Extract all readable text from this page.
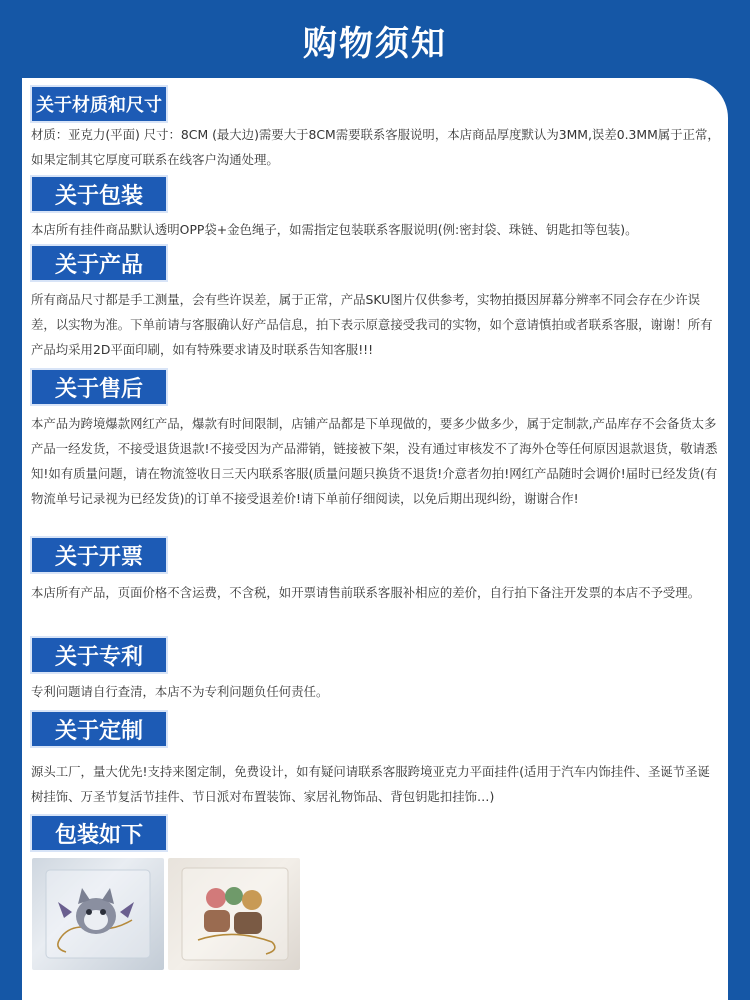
购物须知
关于材质和尺寸
材质：亚克力(平面) 尺寸：8CM (最大边)需要大于8CM需要联系客服说明，本店商品厚度默认为3MM,误差0.3MM属于正常，如果定制其它厚度可联系在线客户沟通处理。
关于包装
本店所有挂件商品默认透明OPP袋+金色绳子，如需指定包装联系客服说明(例:密封袋、珠链、钥匙扣等包装)。
关于产品
所有商品尺寸都是手工测量，会有些许误差，属于正常，产品SKU图片仅供参考，实物拍摄因屏幕分辨率不同会存在少许误差，以实物为准。下单前请与客服确认好产品信息，拍下表示原意接受我司的实物，如个意请慎拍或者联系客服，谢谢！所有产品均采用2D平面印刷，如有特殊要求请及时联系告知客服!!!
关于售后
本产品为跨境爆款网红产品，爆款有时间限制，店铺产品都是下单现做的，要多少做多少，属于定制款,产品库存不会备货太多产品一经发货，不接受退货退款!不接受因为产品滞销，链接被下架，没有通过审核发不了海外仓等任何原因退款退货，敬请悉知!如有质量问题，请在物流签收日三天内联系客服(质量问题只换货不退货!介意者勿拍!网红产品随时会调价!届时已经发货(有物流单号记录视为已经发货)的订单不接受退差价!请下单前仔细阅读，以免后期出现纠纷，谢谢合作!
关于开票
本店所有产品，页面价格不含运费，不含税，如开票请售前联系客服补相应的差价，自行拍下备注开发票的本店不予受理。
关于专利
专利问题请自行查清，本店不为专利问题负任何责任。
关于定制
源头工厂，量大优先!支持来图定制，免费设计，如有疑问请联系客服跨境亚克力平面挂件(适用于汽车内饰挂件、圣诞节圣诞树挂饰、万圣节复活节挂件、节日派对布置装饰、家居礼物饰品、背包钥匙扣挂饰…)
包装如下
